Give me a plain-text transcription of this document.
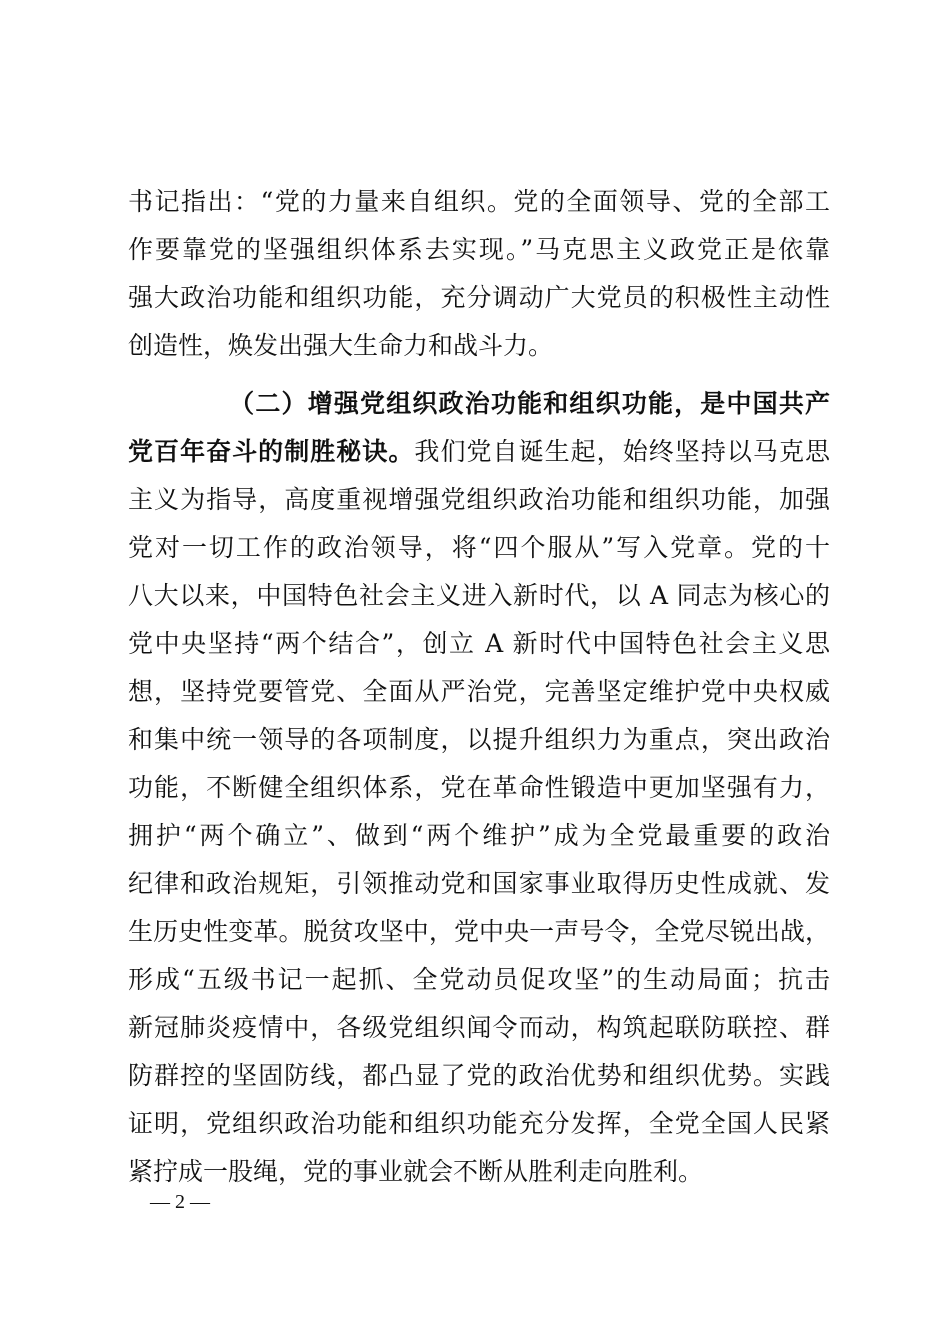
书记指出：“党的力量来自组织。党的全面领导、党的全部工
作要靠党的坚强组织体系去实现。”马克思主义政党正是依靠
强大政治功能和组织功能，充分调动广大党员的积极性主动性
创造性，焕发出强大生命力和战斗力。
（二）增强党组织政治功能和组织功能，是中国共产
党百年奋斗的制胜秘诀。我们党自诞生起，始终坚持以马克思
主义为指导，高度重视增强党组织政治功能和组织功能，加强
党对一切工作的政治领导，将“四个服从”写入党章。党的十
八大以来，中国特色社会主义进入新时代，以 A 同志为核心的
党中央坚持“两个结合”，创立 A 新时代中国特色社会主义思
想，坚持党要管党、全面从严治党，完善坚定维护党中央权威
和集中统一领导的各项制度，以提升组织力为重点，突出政治
功能，不断健全组织体系，党在革命性锻造中更加坚强有力，
拥护“两个确立”、做到“两个维护”成为全党最重要的政治
纪律和政治规矩，引领推动党和国家事业取得历史性成就、发
生历史性变革。脱贫攻坚中，党中央一声号令，全党尽锐出战，
形成“五级书记一起抓、全党动员促攻坚”的生动局面；抗击
新冠肺炎疫情中，各级党组织闻令而动，构筑起联防联控、群
防群控的坚固防线，都凸显了党的政治优势和组织优势。实践
证明，党组织政治功能和组织功能充分发挥，全党全国人民紧
紧拧成一股绳，党的事业就会不断从胜利走向胜利。
— 2 —
